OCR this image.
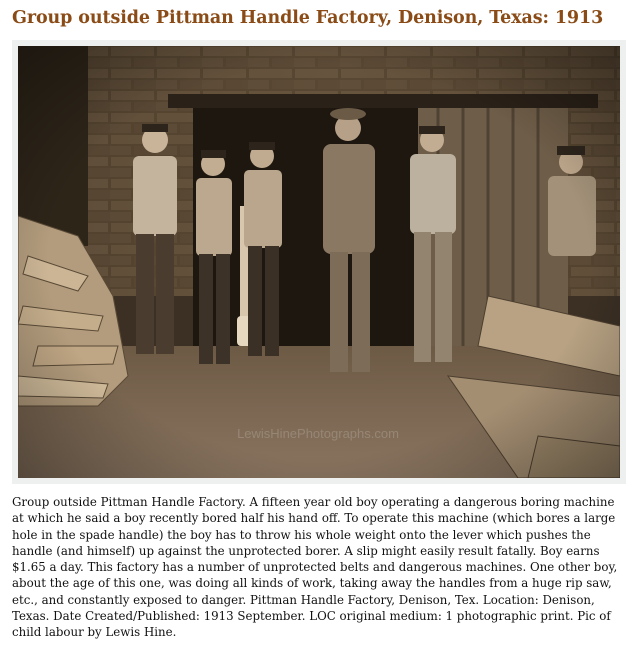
Group outside Pittman Handle Factory, Denison, Texas: 1913
Group outside Pittman Handle Factory. A fifteen year old boy operating a dangerous boring machine at which he said a boy recently bored half his hand off. To operate this machine (which bores a large hole in the spade handle) the boy has to throw his whole weight onto the lever which pushes the handle (and himself) up against the unprotected borer. A slip might easily result fatally. Boy earns $1.65 a day. This factory has a number of unprotected belts and dangerous machines. One other boy, about the age of this one, was doing all kinds of work, taking away the handles from a huge rip saw, etc., and constantly exposed to danger. Pittman Handle Factory, Denison, Tex. Location: Denison, Texas. Date Created/Published: 1913 September. LOC original medium: 1 photographic print. Pic of child labour by Lewis Hine.
